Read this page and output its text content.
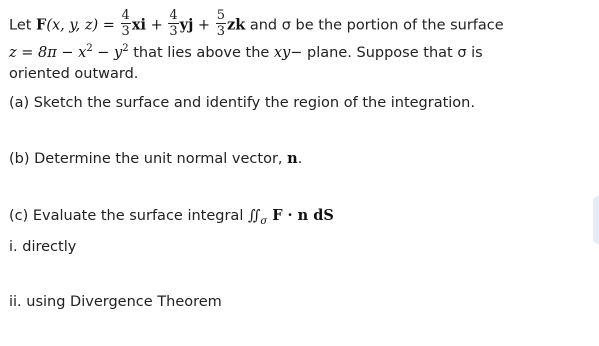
Let F(x, y, $z) = \frac{4}{3}$ xi + $\frac{4}{3}$ yj + $\frac{5}{3}$ zk and σ be the portion of the surface
$z = 8\pi - x^2 - y^2$ that lies above the xy− plane. Suppose that σ is
oriented outward.
(a) Sketch the surface and identify the region of the integration.
(b) Determine the unit normal vector, n.
(c) Evaluate the surface integral $∬_\sigma$ F · n dS
i. directly
ii. using Divergence Theorem
